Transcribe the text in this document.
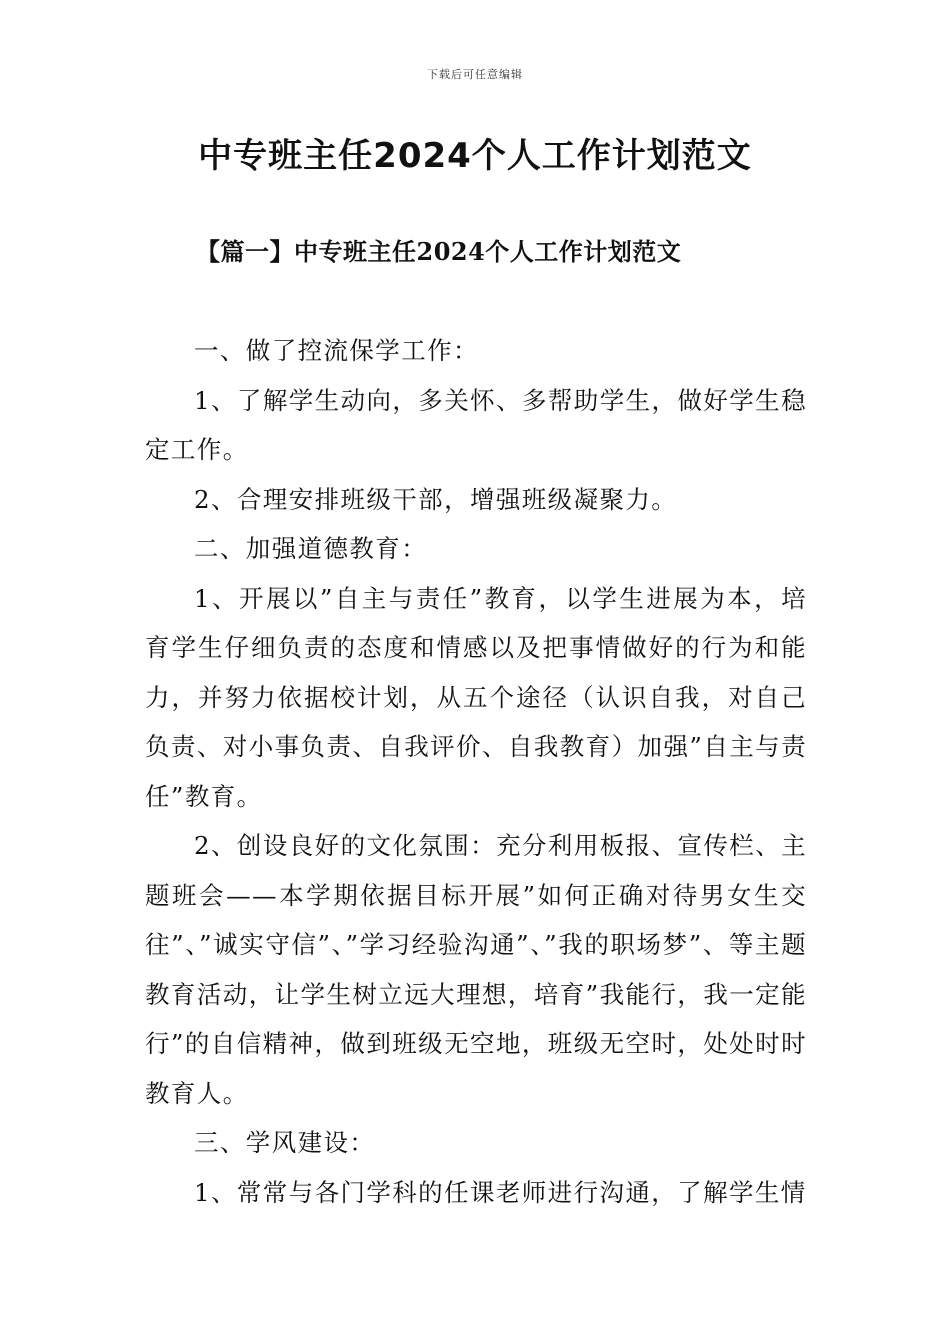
下载后可任意编辑
中专班主任2024个人工作计划范文
【篇一】中专班主任2024个人工作计划范文

一、做了控流保学工作：

1、了解学生动向，多关怀、多帮助学生，做好学生稳定工作。

2、合理安排班级干部，增强班级凝聚力。

二、加强道德教育：

1、开展以”自主与责任”教育，以学生进展为本，培育学生仔细负责的态度和情感以及把事情做好的行为和能力，并努力依据校计划，从五个途径（认识自我，对自己负责、对小事负责、自我评价、自我教育）加强”自主与责任”教育。

2、创设良好的文化氛围：充分利用板报、宣传栏、主题班会——本学期依据目标开展”如何正确对待男女生交往”、”诚实守信”、”学习经验沟通”、”我的职场梦”、等主题教育活动，让学生树立远大理想，培育”我能行，我一定能行”的自信精神，做到班级无空地，班级无空时，处处时时教育人。

三、学风建设：

1、常常与各门学科的任课老师进行沟通，了解学生情
